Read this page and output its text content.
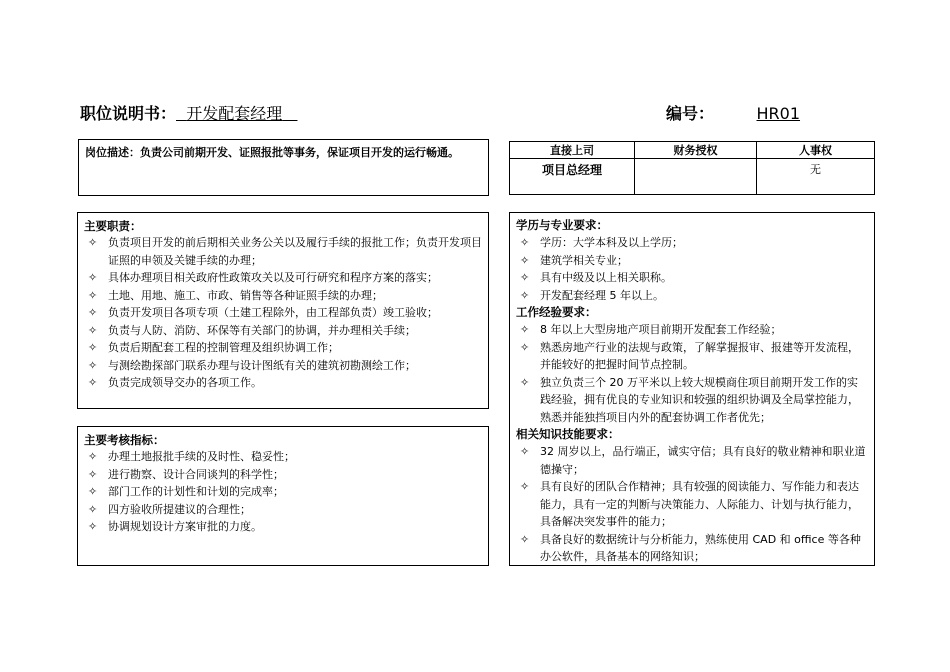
职位说明书： 开发配套经理	编号：	HR01
岗位描述：负责公司前期开发、证照报批等事务，保证项目开发的运行畅通。	直接上司	财务授权	人事权
项目总经理		无
主要职责：
✧ 负责项目开发的前后期相关业务公关以及履行手续的报批工作；负责开发项目证照的申领及关键手续的办理；
✧ 具体办理项目相关政府性政策攻关以及可行研究和程序方案的落实；
✧ 土地、用地、施工、市政、销售等各种证照手续的办理；
✧ 负责开发项目各项专项（土建工程除外，由工程部负责）竣工验收；
✧ 负责与人防、消防、环保等有关部门的协调，并办理相关手续；
✧ 负责后期配套工程的控制管理及组织协调工作；
✧ 与测绘勘探部门联系办理与设计图纸有关的建筑初勘测绘工作；
✧ 负责完成领导交办的各项工作。
主要考核指标：
✧ 办理土地报批手续的及时性、稳妥性；
✧ 进行勘察、设计合同谈判的科学性；
✧ 部门工作的计划性和计划的完成率；
✧ 四方验收所提建议的合理性；
✧ 协调规划设计方案审批的力度。
学历与专业要求：
✧ 学历：大学本科及以上学历；
✧ 建筑学相关专业；
✧ 具有中级及以上相关职称。
✧ 开发配套经理 5 年以上。
工作经验要求：
✧ 8 年以上大型房地产项目前期开发配套工作经验；
✧ 熟悉房地产行业的法规与政策，了解掌握报审、报建等开发流程，并能较好的把握时间节点控制。
✧ 独立负责三个 20 万平米以上较大规模商住项目前期开发工作的实践经验，拥有优良的专业知识和较强的组织协调及全局掌控能力，熟悉并能独挡项目内外的配套协调工作者优先；
相关知识技能要求：
✧ 32 周岁以上，品行端正，诚实守信；具有良好的敬业精神和职业道德操守；
✧ 具有良好的团队合作精神；具有较强的阅读能力、写作能力和表达能力，具有一定的判断与决策能力、人际能力、计划与执行能力，具备解决突发事件的能力；
✧ 具备良好的数据统计与分析能力，熟练使用 CAD 和 office 等各种办公软件，具备基本的网络知识；
